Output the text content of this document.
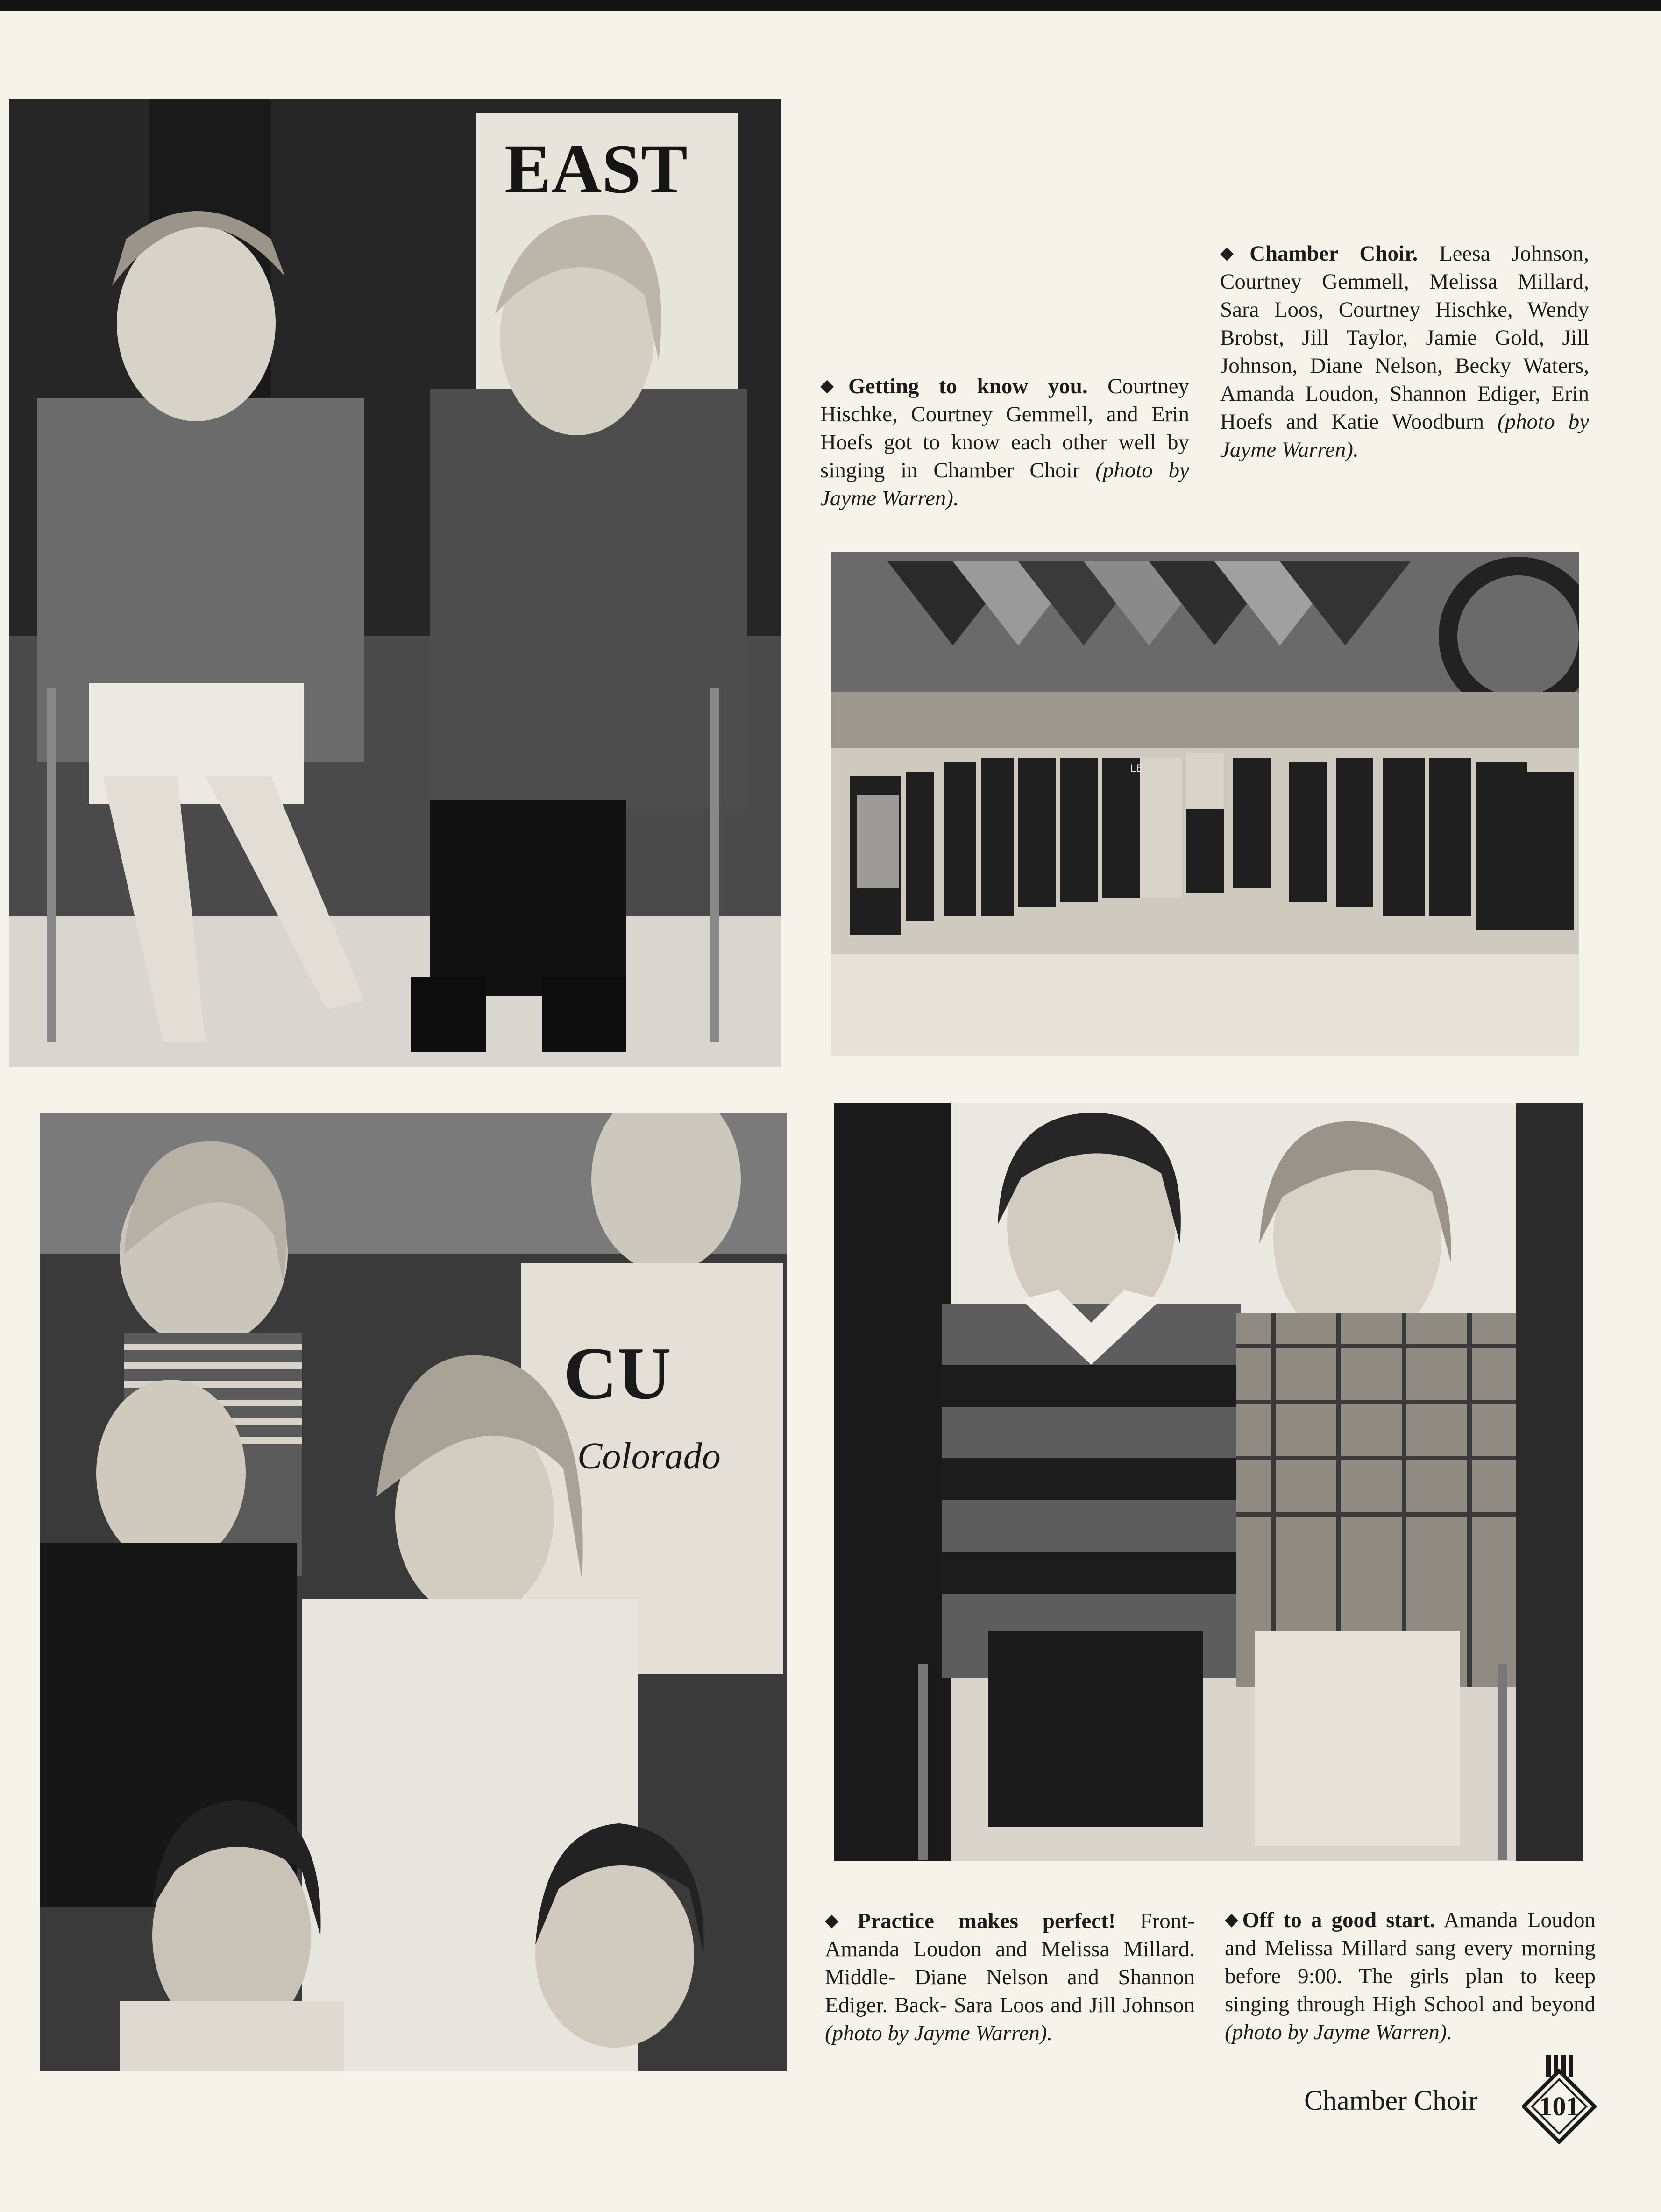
EAST
LE
CU
Colorado

◆Getting to know you. Courtney Hischke, Courtney Gemmell, and Erin Hoefs got to know each other well by singing in Chamber Choir (photo by Jayme Warren).

◆Chamber Choir. Leesa Johnson, Courtney Gemmell, Melissa Millard, Sara Loos, Courtney Hischke, Wendy Brobst, Jill Taylor, Jamie Gold, Jill Johnson, Diane Nelson, Becky Waters, Amanda Loudon, Shannon Ediger, Erin Hoefs and Katie Woodburn (photo by Jayme Warren).

◆Practice makes perfect! Front- Amanda Loudon and Melissa Millard. Middle- Diane Nelson and Shannon Ediger. Back- Sara Loos and Jill Johnson (photo by Jayme Warren).

◆Off to a good start. Amanda Loudon and Melissa Millard sang every morning before 9:00. The girls plan to keep singing through High School and beyond (photo by Jayme Warren).

Chamber Choir	101
